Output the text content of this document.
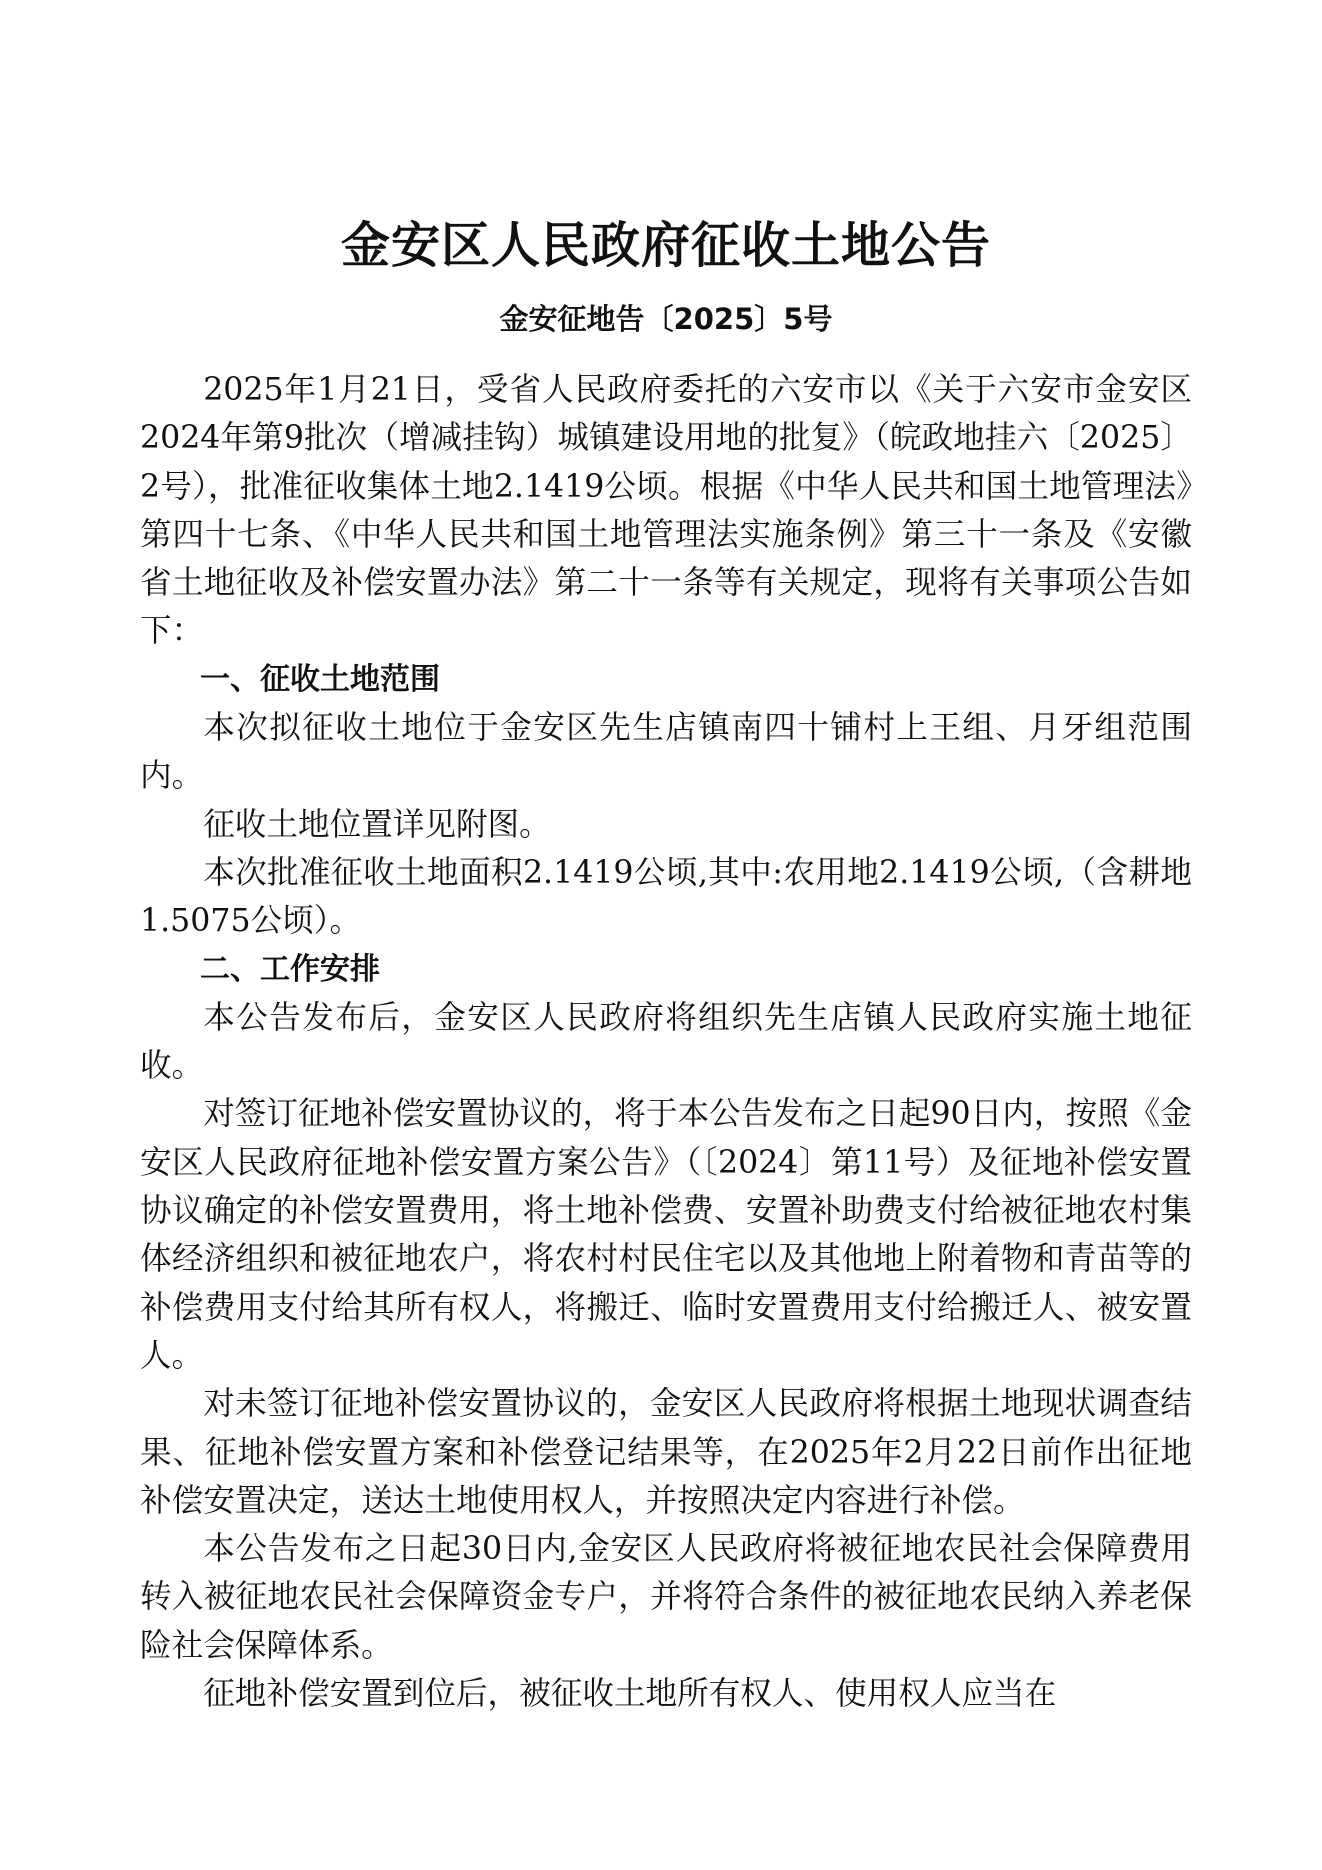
金安区人民政府征收土地公告
金安征地告〔2025〕5号

2025年1月21日，受省人民政府委托的六安市以《关于六安市金安区2024年第9批次（增减挂钩）城镇建设用地的批复》（皖政地挂六〔2025〕2号），批准征收集体土地2.1419公顷。根据《中华人民共和国土地管理法》第四十七条、《中华人民共和国土地管理法实施条例》第三十一条及《安徽省土地征收及补偿安置办法》第二十一条等有关规定，现将有关事项公告如下：

一、征收土地范围

本次拟征收土地位于金安区先生店镇南四十铺村上王组、月牙组范围内。

征收土地位置详见附图。

本次批准征收土地面积2.1419公顷,其中:农用地2.1419公顷,（含耕地1.5075公顷）。

二、工作安排

本公告发布后，金安区人民政府将组织先生店镇人民政府实施土地征收。

对签订征地补偿安置协议的，将于本公告发布之日起90日内，按照《金安区人民政府征地补偿安置方案公告》（〔2024〕第11号）及征地补偿安置协议确定的补偿安置费用，将土地补偿费、安置补助费支付给被征地农村集体经济组织和被征地农户，将农村村民住宅以及其他地上附着物和青苗等的补偿费用支付给其所有权人，将搬迁、临时安置费用支付给搬迁人、被安置人。

对未签订征地补偿安置协议的，金安区人民政府将根据土地现状调查结果、征地补偿安置方案和补偿登记结果等，在2025年2月22日前作出征地补偿安置决定，送达土地使用权人，并按照决定内容进行补偿。

本公告发布之日起30日内,金安区人民政府将被征地农民社会保障费用转入被征地农民社会保障资金专户，并将符合条件的被征地农民纳入养老保险社会保障体系。

征地补偿安置到位后，被征收土地所有权人、使用权人应当在
